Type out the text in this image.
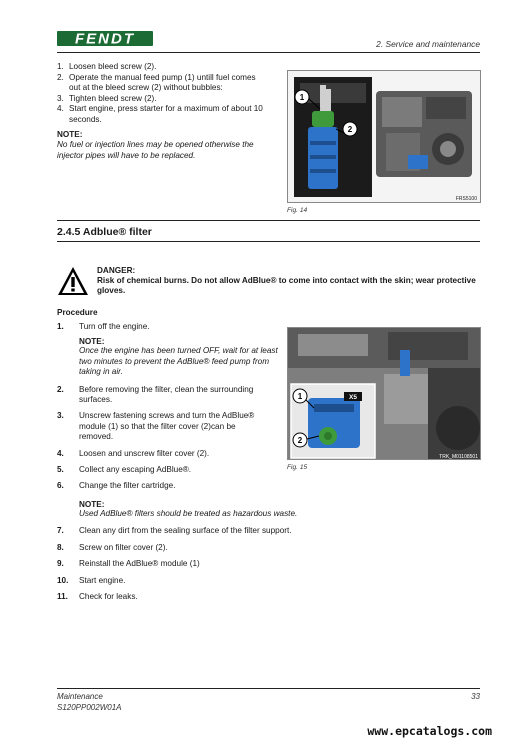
FENDT	2. Service and maintenance
1. Loosen bleed screw (2).
2. Operate the manual feed pump (1) untill fuel comes out at the bleed screw (2) without bubbles:
3. Tighten bleed screw (2).
4. Start engine, press starter for a maximum of about 10 seconds.
NOTE:
No fuel or injection lines may be opened otherwise the injector pipes will have to be replaced.
1
2
FRS5100
Fig. 14
2.4.5 Adblue® filter
DANGER:
Risk of chemical burns. Do not allow AdBlue® to come into contact with the skin; wear protective gloves.
Procedure
1.	Turn off the engine.
NOTE:
Once the engine has been turned OFF, wait for at least two minutes to prevent the AdBlue® feed pump from taking in air.
2.	Before removing the filter, clean the surrounding surfaces.
3.	Unscrew fastening screws and turn the AdBlue® module (1) so that the filter cover (2)can be removed.
4.	Loosen and unscrew filter cover (2).
5.	Collect any escaping AdBlue®.
6.	Change the filter cartridge.
NOTE:
Used AdBlue® filters should be treated as hazardous waste.
7.	Clean any dirt from the sealing surface of the filter support.
8.	Screw on filter cover (2).
9.	Reinstall the AdBlue® module (1)
10.	Start engine.
11.	Check for leaks.
X5
1
2
TRK_M01108501
Fig. 15
Maintenance
S120PP002W01A
33
www.epcatalogs.com
